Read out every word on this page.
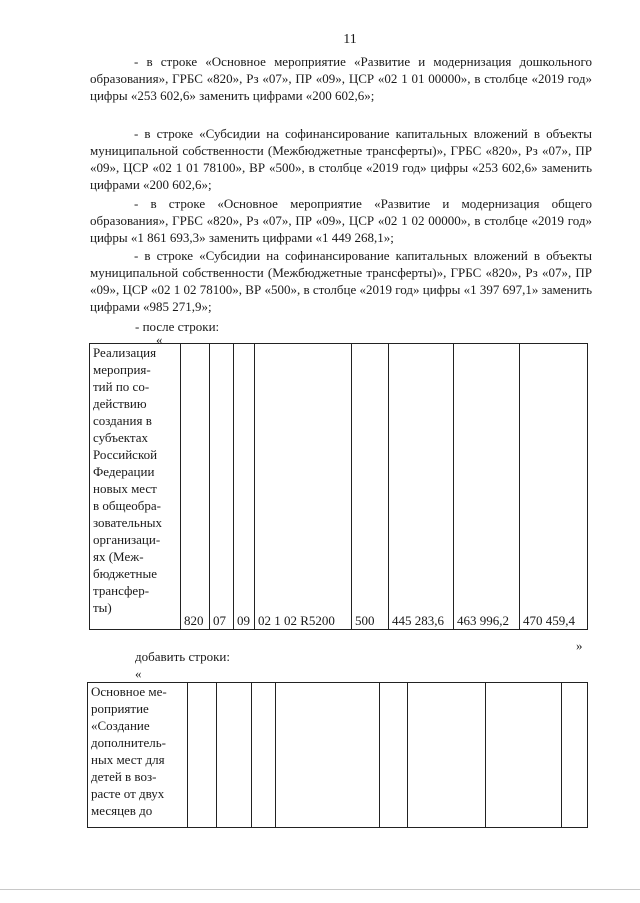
11
- в строке «Основное мероприятие «Развитие и модернизация дошкольного образования», ГРБС «820», Рз «07», ПР «09», ЦСР «02 1 01 00000», в столбце «2019 год» цифры «253 602,6» заменить цифрами «200 602,6»;
- в строке «Субсидии на софинансирование капитальных вложений в объекты муниципальной собственности (Межбюджетные трансферты)», ГРБС «820», Рз «07», ПР «09», ЦСР «02 1 01 78100», ВР «500», в столбце «2019 год» цифры «253 602,6» заменить цифрами «200 602,6»;
- в строке «Основное мероприятие «Развитие и модернизация общего образования», ГРБС «820», Рз «07», ПР «09», ЦСР «02 1 02 00000», в столбце «2019 год» цифры «1 861 693,3» заменить цифрами «1 449 268,1»;
- в строке «Субсидии на софинансирование капитальных вложений в объекты муниципальной собственности (Межбюджетные трансферты)», ГРБС «820», Рз «07», ПР «09», ЦСР «02 1 02 78100», ВР «500», в столбце «2019 год» цифры «1 397 697,1» заменить цифрами «985 271,9»;
- после строки:
«
Реализация
мероприя-
тий по со-
действию
создания в
субъектах
Российской
Федерации
новых мест
в общеобра-
зовательных
организаци-
ях (Меж-
бюджетные
трансфер-
ты)	820	07	09	02 1 02 R5200	500	445 283,6	463 996,2	470 459,4
»
добавить строки:
«
Основное ме-
роприятие
«Создание
дополнитель-
ных мест для
детей в воз-
расте от двух
месяцев до								
